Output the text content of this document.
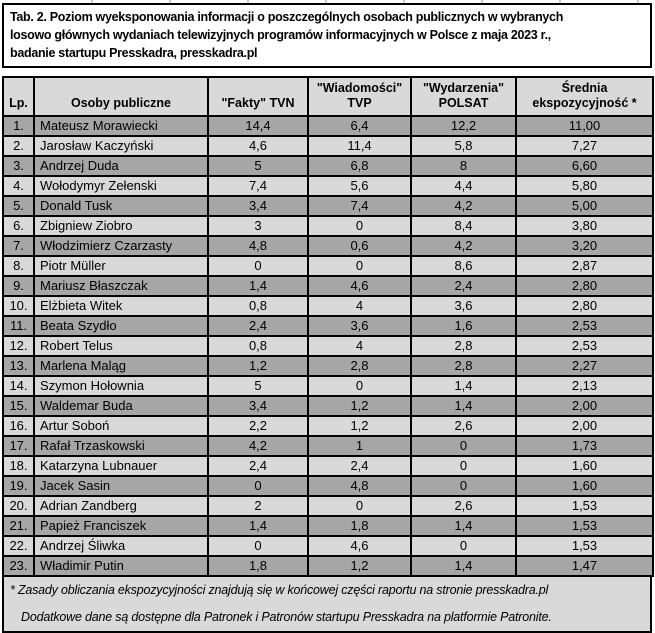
Tab. 2. Poziom wyeksponowania informacji o poszczególnych osobach publicznych w wybranych
losowo głównych wydaniach telewizyjnych programów informacyjnych w Polsce z maja 2023 r.,
badanie startupu Presskadra, presskadra.pl
Lp.	Osoby publiczne	"Fakty" TVN	"Wiadomości" TVP	"Wydarzenia" POLSAT	Średnia ekspozycyjność *
1.	Mateusz Morawiecki	14,4	6,4	12,2	11,00
2.	Jarosław Kaczyński	4,6	11,4	5,8	7,27
3.	Andrzej Duda	5	6,8	8	6,60
4.	Wołodymyr Zełenski	7,4	5,6	4,4	5,80
5.	Donald Tusk	3,4	7,4	4,2	5,00
6.	Zbigniew Ziobro	3	0	8,4	3,80
7.	Włodzimierz Czarzasty	4,8	0,6	4,2	3,20
8.	Piotr Müller	0	0	8,6	2,87
9.	Mariusz Błaszczak	1,4	4,6	2,4	2,80
10.	Elżbieta Witek	0,8	4	3,6	2,80
11.	Beata Szydło	2,4	3,6	1,6	2,53
12.	Robert Telus	0,8	4	2,8	2,53
13.	Marlena Maląg	1,2	2,8	2,8	2,27
14.	Szymon Hołownia	5	0	1,4	2,13
15.	Waldemar Buda	3,4	1,2	1,4	2,00
16.	Artur Soboń	2,2	1,2	2,6	2,00
17.	Rafał Trzaskowski	4,2	1	0	1,73
18.	Katarzyna Lubnauer	2,4	2,4	0	1,60
19.	Jacek Sasin	0	4,8	0	1,60
20.	Adrian Zandberg	2	0	2,6	1,53
21.	Papież Franciszek	1,4	1,8	1,4	1,53
22.	Andrzej Śliwka	0	4,6	0	1,53
23.	Władimir Putin	1,8	1,2	1,4	1,47
* Zasady obliczania ekspozycyjności znajdują się w końcowej części raportu na stronie presskadra.pl
Dodatkowe dane są dostępne dla Patronek i Patronów startupu Presskadra na platformie Patronite.
